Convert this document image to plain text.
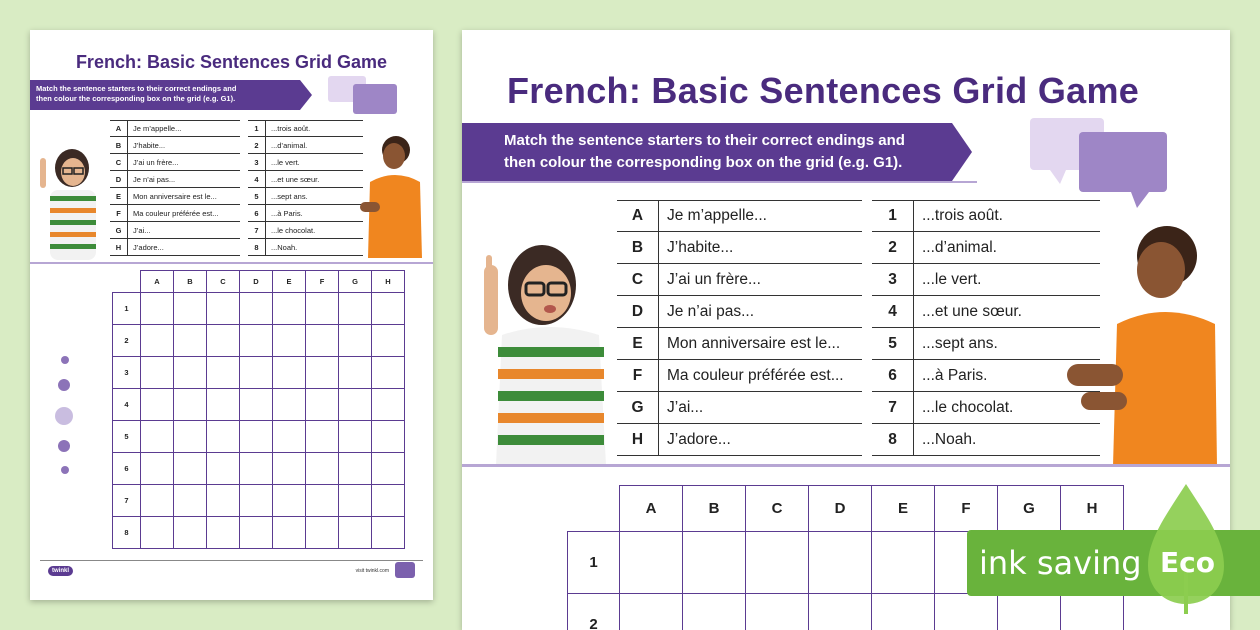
French: Basic Sentences Grid Game
Match the sentence starters to their correct endings and
then colour the corresponding box on the grid (e.g. G1).
A	Je m’appelle...
B	J’habite...
C	J’ai un frère...
D	Je n’ai pas...
E	Mon anniversaire est le...
F	Ma couleur préférée est...
G	J’ai...
H	J’adore...
1	...trois août.
2	...d’animal.
3	...le vert.
4	...et une sœur.
5	...sept ans.
6	...à Paris.
7	...le chocolat.
8	...Noah.
	A	B	C	D	E	F	G	H
1								
2								
3								
4								
5								
6								
7								
8								
twinkl	visit twinkl.com
French: Basic Sentences Grid Game
Match the sentence starters to their correct endings and
then colour the corresponding box on the grid (e.g. G1).
A	Je m’appelle...
B	J’habite...
C	J’ai un frère...
D	Je n’ai pas...
E	Mon anniversaire est le...
F	Ma couleur préférée est...
G	J’ai...
H	J’adore...
1	...trois août.
2	...d’animal.
3	...le vert.
4	...et une sœur.
5	...sept ans.
6	...à Paris.
7	...le chocolat.
8	...Noah.
	A	B	C	D	E	F	G	H
1								
2								
ink saving Eco
